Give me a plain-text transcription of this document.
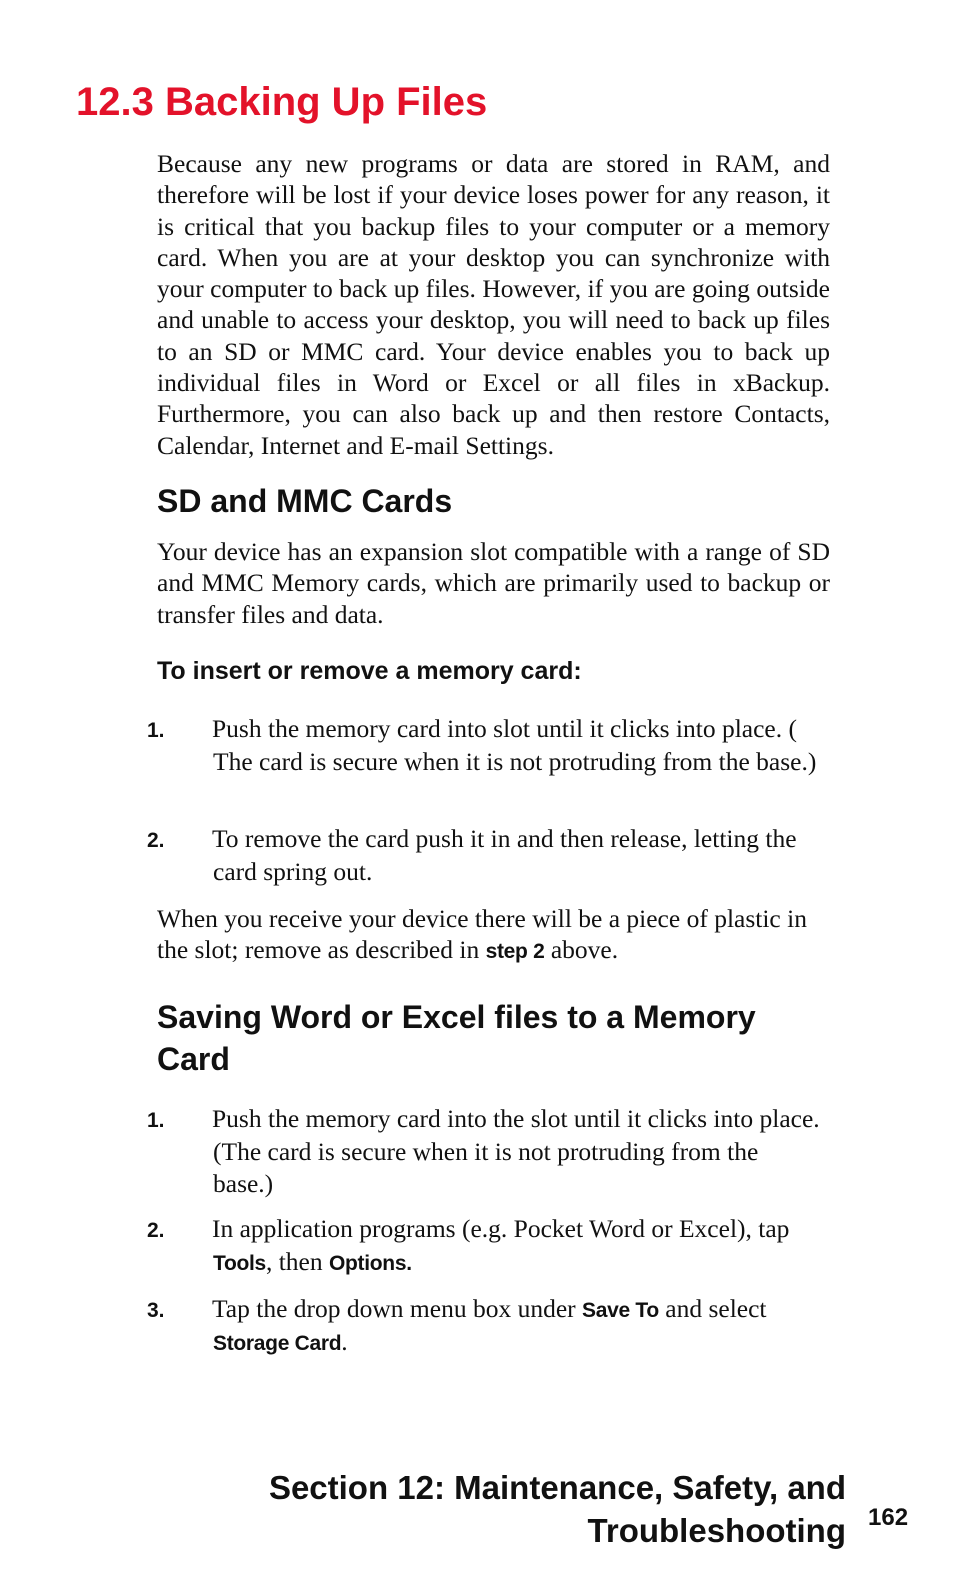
12.3 Backing Up Files

Because any new programs or data are stored in RAM, and therefore will be lost if your device loses power for any reason, it is critical that you backup files to your computer or a memory card. When you are at your desktop you can synchronize with your computer to back up files. However, if you are going outside and unable to access your desktop, you will need to back up files to an SD or MMC card. Your device enables you to back up individual files in Word or Excel or all files in xBackup. Furthermore, you can also back up and then restore Contacts, Calendar, Internet and E-mail Settings.

SD and MMC Cards

Your device has an expansion slot compatible with a range of SD and MMC Memory cards, which are primarily used to backup or transfer files and data.

To insert or remove a memory card:
1. Push the memory card into slot until it clicks into place. ( The card is secure when it is not protruding from the base.)
2. To remove the card push it in and then release, letting the card spring out.

When you receive your device there will be a piece of plastic in the slot; remove as described in step 2 above.

Saving Word or Excel files to a Memory Card
1. Push the memory card into the slot until it clicks into place. (The card is secure when it is not protruding from the base.)
2. In application programs (e.g. Pocket Word or Excel), tap Tools, then Options.
3. Tap the drop down menu box under Save To and select Storage Card.
Section 12: Maintenance, Safety, and
Troubleshooting 162
